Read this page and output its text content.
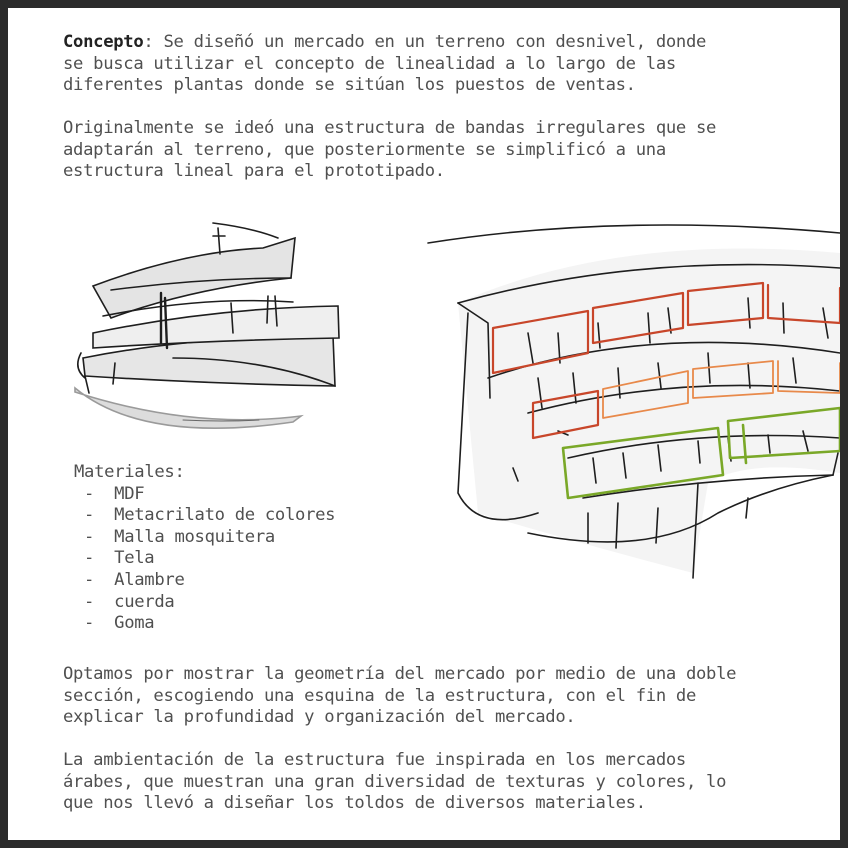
Concepto: Se diseñó un mercado en un terreno con desnivel, donde
se busca utilizar el concepto de linealidad a lo largo de las
diferentes plantas donde se sitúan los puestos de ventas.

Originalmente se ideó una estructura de bandas irregulares que se
adaptarán al terreno, que posteriormente se simplificó a una
estructura lineal para el prototipado.

Materiales:
-  MDF
-  Metacrilato de colores
-  Malla mosquitera
-  Tela
-  Alambre
-  cuerda
-  Goma

Optamos por mostrar la geometría del mercado por medio de una doble
sección, escogiendo una esquina de la estructura, con el fin de
explicar la profundidad y organización del mercado.

La ambientación de la estructura fue inspirada en los mercados
árabes, que muestran una gran diversidad de texturas y colores, lo
que nos llevó a diseñar los toldos de diversos materiales.
